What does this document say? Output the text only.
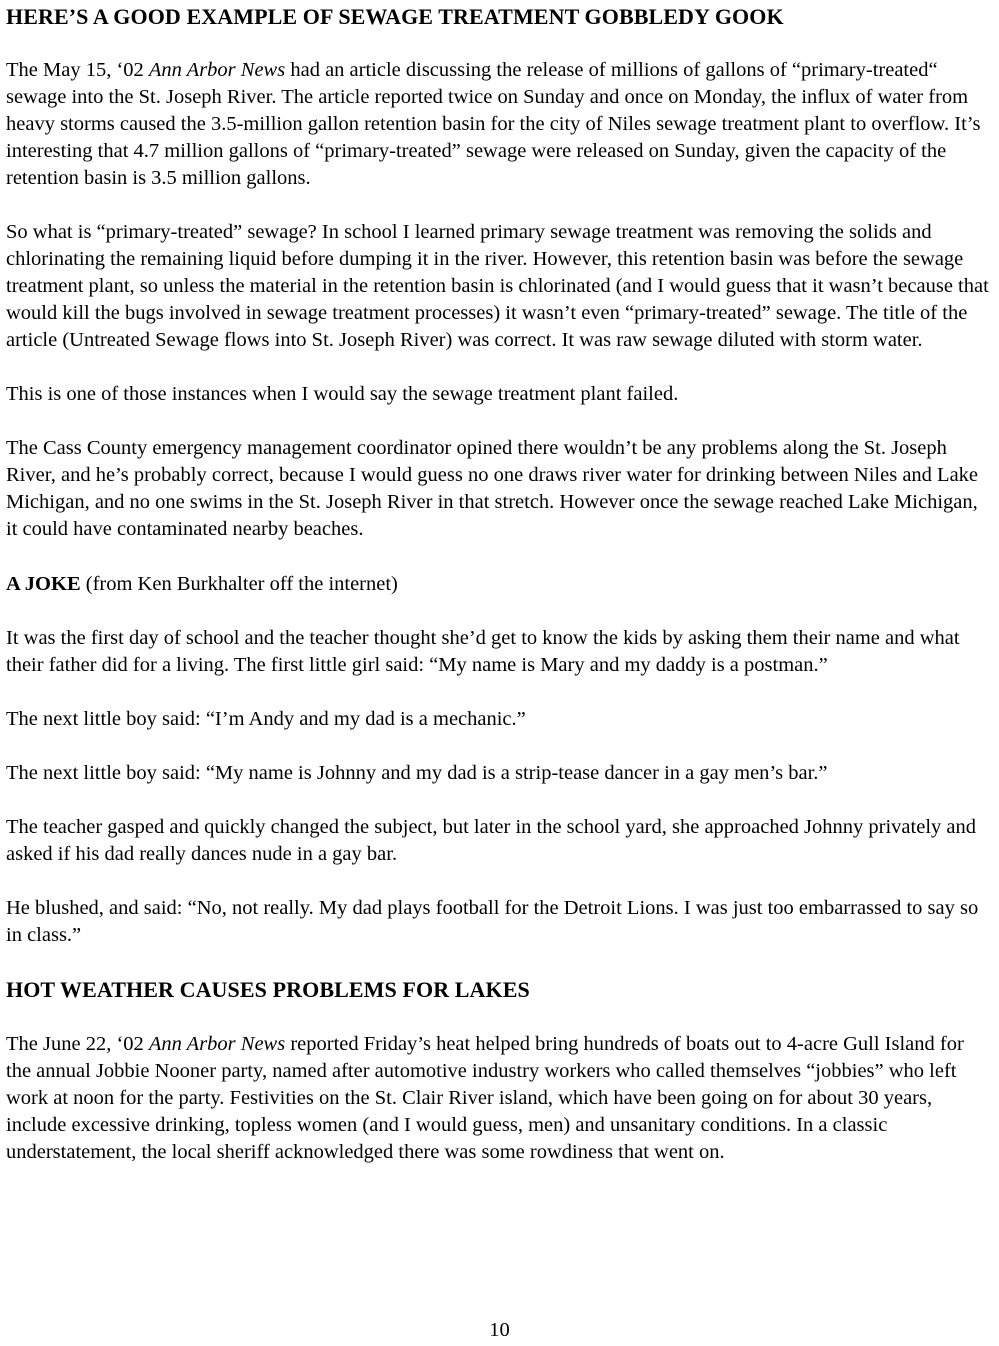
HERE’S A GOOD EXAMPLE OF SEWAGE TREATMENT GOBBLEDY GOOK

The May 15, ‘02 Ann Arbor News had an article discussing the release of millions of gallons of “primary-treated“ sewage into the St. Joseph River. The article reported twice on Sunday and once on Monday, the influx of water from heavy storms caused the 3.5-million gallon retention basin for the city of Niles sewage treatment plant to overflow. It’s interesting that 4.7 million gallons of “primary-treated” sewage were released on Sunday, given the capacity of the retention basin is 3.5 million gallons.

So what is “primary-treated” sewage? In school I learned primary sewage treatment was removing the solids and chlorinating the remaining liquid before dumping it in the river. However, this retention basin was before the sewage treatment plant, so unless the material in the retention basin is chlorinated (and I would guess that it wasn’t because that would kill the bugs involved in sewage treatment processes) it wasn’t even “primary-treated” sewage. The title of the article (Untreated Sewage flows into St. Joseph River) was correct. It was raw sewage diluted with storm water.

This is one of those instances when I would say the sewage treatment plant failed.

The Cass County emergency management coordinator opined there wouldn’t be any problems along the St. Joseph River, and he’s probably correct, because I would guess no one draws river water for drinking between Niles and Lake Michigan, and no one swims in the St. Joseph River in that stretch. However once the sewage reached Lake Michigan, it could have contaminated nearby beaches.

A JOKE (from Ken Burkhalter off the internet)

It was the first day of school and the teacher thought she’d get to know the kids by asking them their name and what their father did for a living. The first little girl said: “My name is Mary and my daddy is a postman.”

The next little boy said: “I’m Andy and my dad is a mechanic.”

The next little boy said: “My name is Johnny and my dad is a strip-tease dancer in a gay men’s bar.”

The teacher gasped and quickly changed the subject, but later in the school yard, she approached Johnny privately and asked if his dad really dances nude in a gay bar.

He blushed, and said: “No, not really. My dad plays football for the Detroit Lions. I was just too embarrassed to say so in class.”

HOT WEATHER CAUSES PROBLEMS FOR LAKES

The June 22, ‘02 Ann Arbor News reported Friday’s heat helped bring hundreds of boats out to 4-acre Gull Island for the annual Jobbie Nooner party, named after automotive industry workers who called themselves “jobbies” who left work at noon for the party. Festivities on the St. Clair River island, which have been going on for about 30 years, include excessive drinking, topless women (and I would guess, men) and unsanitary conditions. In a classic understatement, the local sheriff acknowledged there was some rowdiness that went on.

10
